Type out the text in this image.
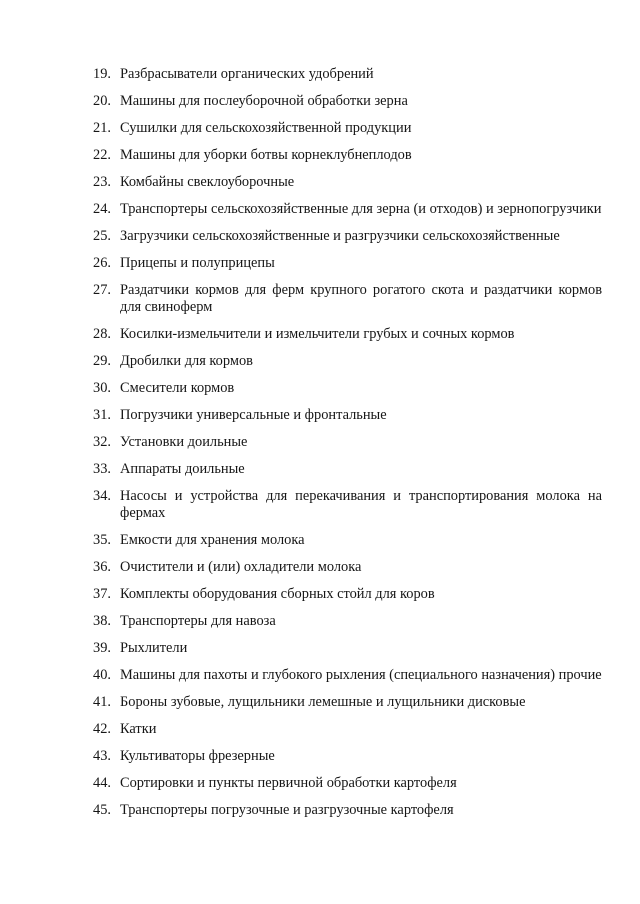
19. Разбрасыватели органических удобрений
20. Машины для послеуборочной обработки зерна
21. Сушилки для сельскохозяйственной продукции
22. Машины для уборки ботвы корнеклубнеплодов
23. Комбайны свеклоуборочные
24. Транспортеры сельскохозяйственные для зерна (и отходов) и зернопогрузчики
25. Загрузчики сельскохозяйственные и разгрузчики сельскохозяйственные
26. Прицепы и полуприцепы
27. Раздатчики кормов для ферм крупного рогатого скота и раздатчики кормов для свиноферм
28. Косилки-измельчители и измельчители грубых и сочных кормов
29. Дробилки для кормов
30. Смесители кормов
31. Погрузчики универсальные и фронтальные
32. Установки доильные
33. Аппараты доильные
34. Насосы и устройства для перекачивания и транспортирования молока на фермах
35. Емкости для хранения молока
36. Очистители и (или) охладители молока
37. Комплекты оборудования сборных стойл для коров
38. Транспортеры для навоза
39. Рыхлители
40. Машины для пахоты и глубокого рыхления (специального назначения) прочие
41. Бороны зубовые, лущильники лемешные и лущильники дисковые
42. Катки
43. Культиваторы фрезерные
44. Сортировки и пункты первичной обработки картофеля
45. Транспортеры погрузочные и разгрузочные картофеля
